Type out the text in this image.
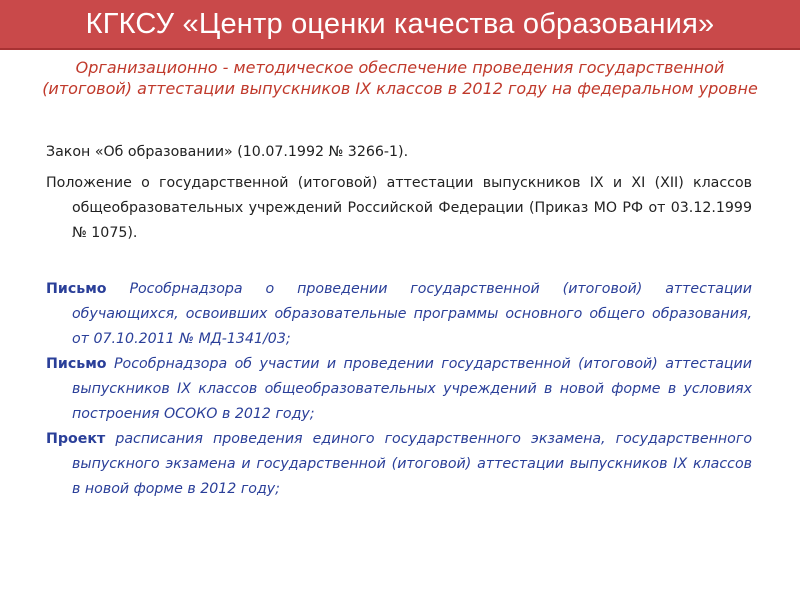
КГКСУ «Центр оценки качества образования»
Организационно - методическое обеспечение проведения государственной (итоговой) аттестации выпускников IX классов в 2012 году на федеральном уровне

Закон «Об образовании» (10.07.1992 № 3266-1).

Положение о государственной (итоговой) аттестации выпускников IX и XI (XII) классов общеобразовательных учреждений Российской Федерации (Приказ МО РФ от 03.12.1999 № 1075).

Письмо Рособрнадзора о проведении государственной (итоговой) аттестации обучающихся, освоивших образовательные программы основного общего образования, от 07.10.2011 № МД-1341/03;

Письмо Рособрнадзора об участии и проведении государственной (итоговой) аттестации выпускников IX классов общеобразовательных учреждений в новой форме в условиях построения ОСОКО в 2012 году;

Проект расписания проведения единого государственного экзамена, государственного выпускного экзамена и государственной (итоговой) аттестации выпускников IX классов в новой форме в 2012 году;
